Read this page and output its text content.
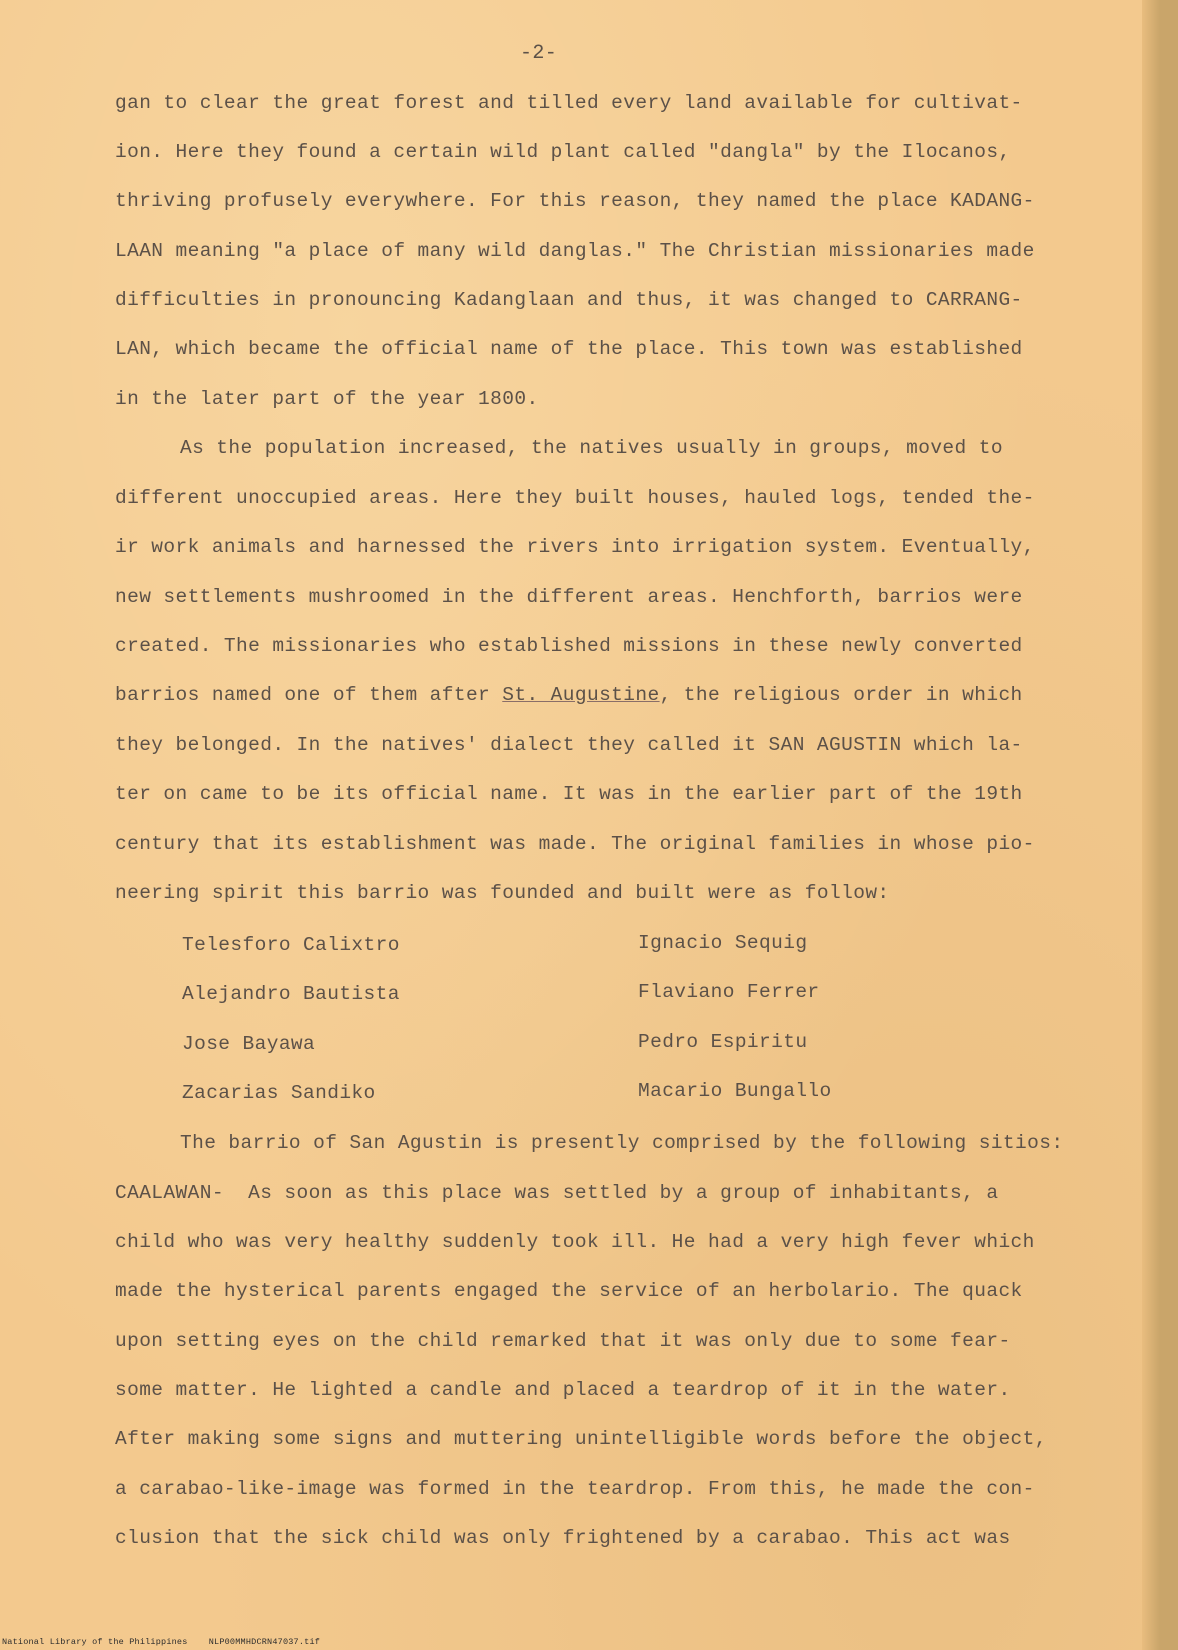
-2-
gan to clear the great forest and tilled every land available for cultivat-
ion. Here they found a certain wild plant called "dangla" by the Ilocanos,
thriving profusely everywhere. For this reason, they named the place KADANG-
LAAN meaning "a place of many wild danglas." The Christian missionaries made
difficulties in pronouncing Kadanglaan and thus, it was changed to CARRANG-
LAN, which became the official name of the place. This town was established
in the later part of the year 1800.
As the population increased, the natives usually in groups, moved to
different unoccupied areas. Here they built houses, hauled logs, tended the-
ir work animals and harnessed the rivers into irrigation system. Eventually,
new settlements mushroomed in the different areas. Henchforth, barrios were
created. The missionaries who established missions in these newly converted
barrios named one of them after St. Augustine, the religious order in which
they belonged. In the natives' dialect they called it SAN AGUSTIN which la-
ter on came to be its official name. It was in the earlier part of the 19th
century that its establishment was made. The original families in whose pio-
neering spirit this barrio was founded and built were as follow:
Telesforo Calixtro
Alejandro Bautista
Jose Bayawa
Zacarias Sandiko
Ignacio Sequig
Flaviano Ferrer
Pedro Espiritu
Macario Bungallo
The barrio of San Agustin is presently comprised by the following sitios:
CAALAWAN-  As soon as this place was settled by a group of inhabitants, a
child who was very healthy suddenly took ill. He had a very high fever which
made the hysterical parents engaged the service of an herbolario. The quack
upon setting eyes on the child remarked that it was only due to some fear-
some matter. He lighted a candle and placed a teardrop of it in the water.
After making some signs and muttering unintelligible words before the object,
a carabao-like-image was formed in the teardrop. From this, he made the con-
clusion that the sick child was only frightened by a carabao. This act was
National Library of the Philippines    NLP00MMHDCRN47037.tif
